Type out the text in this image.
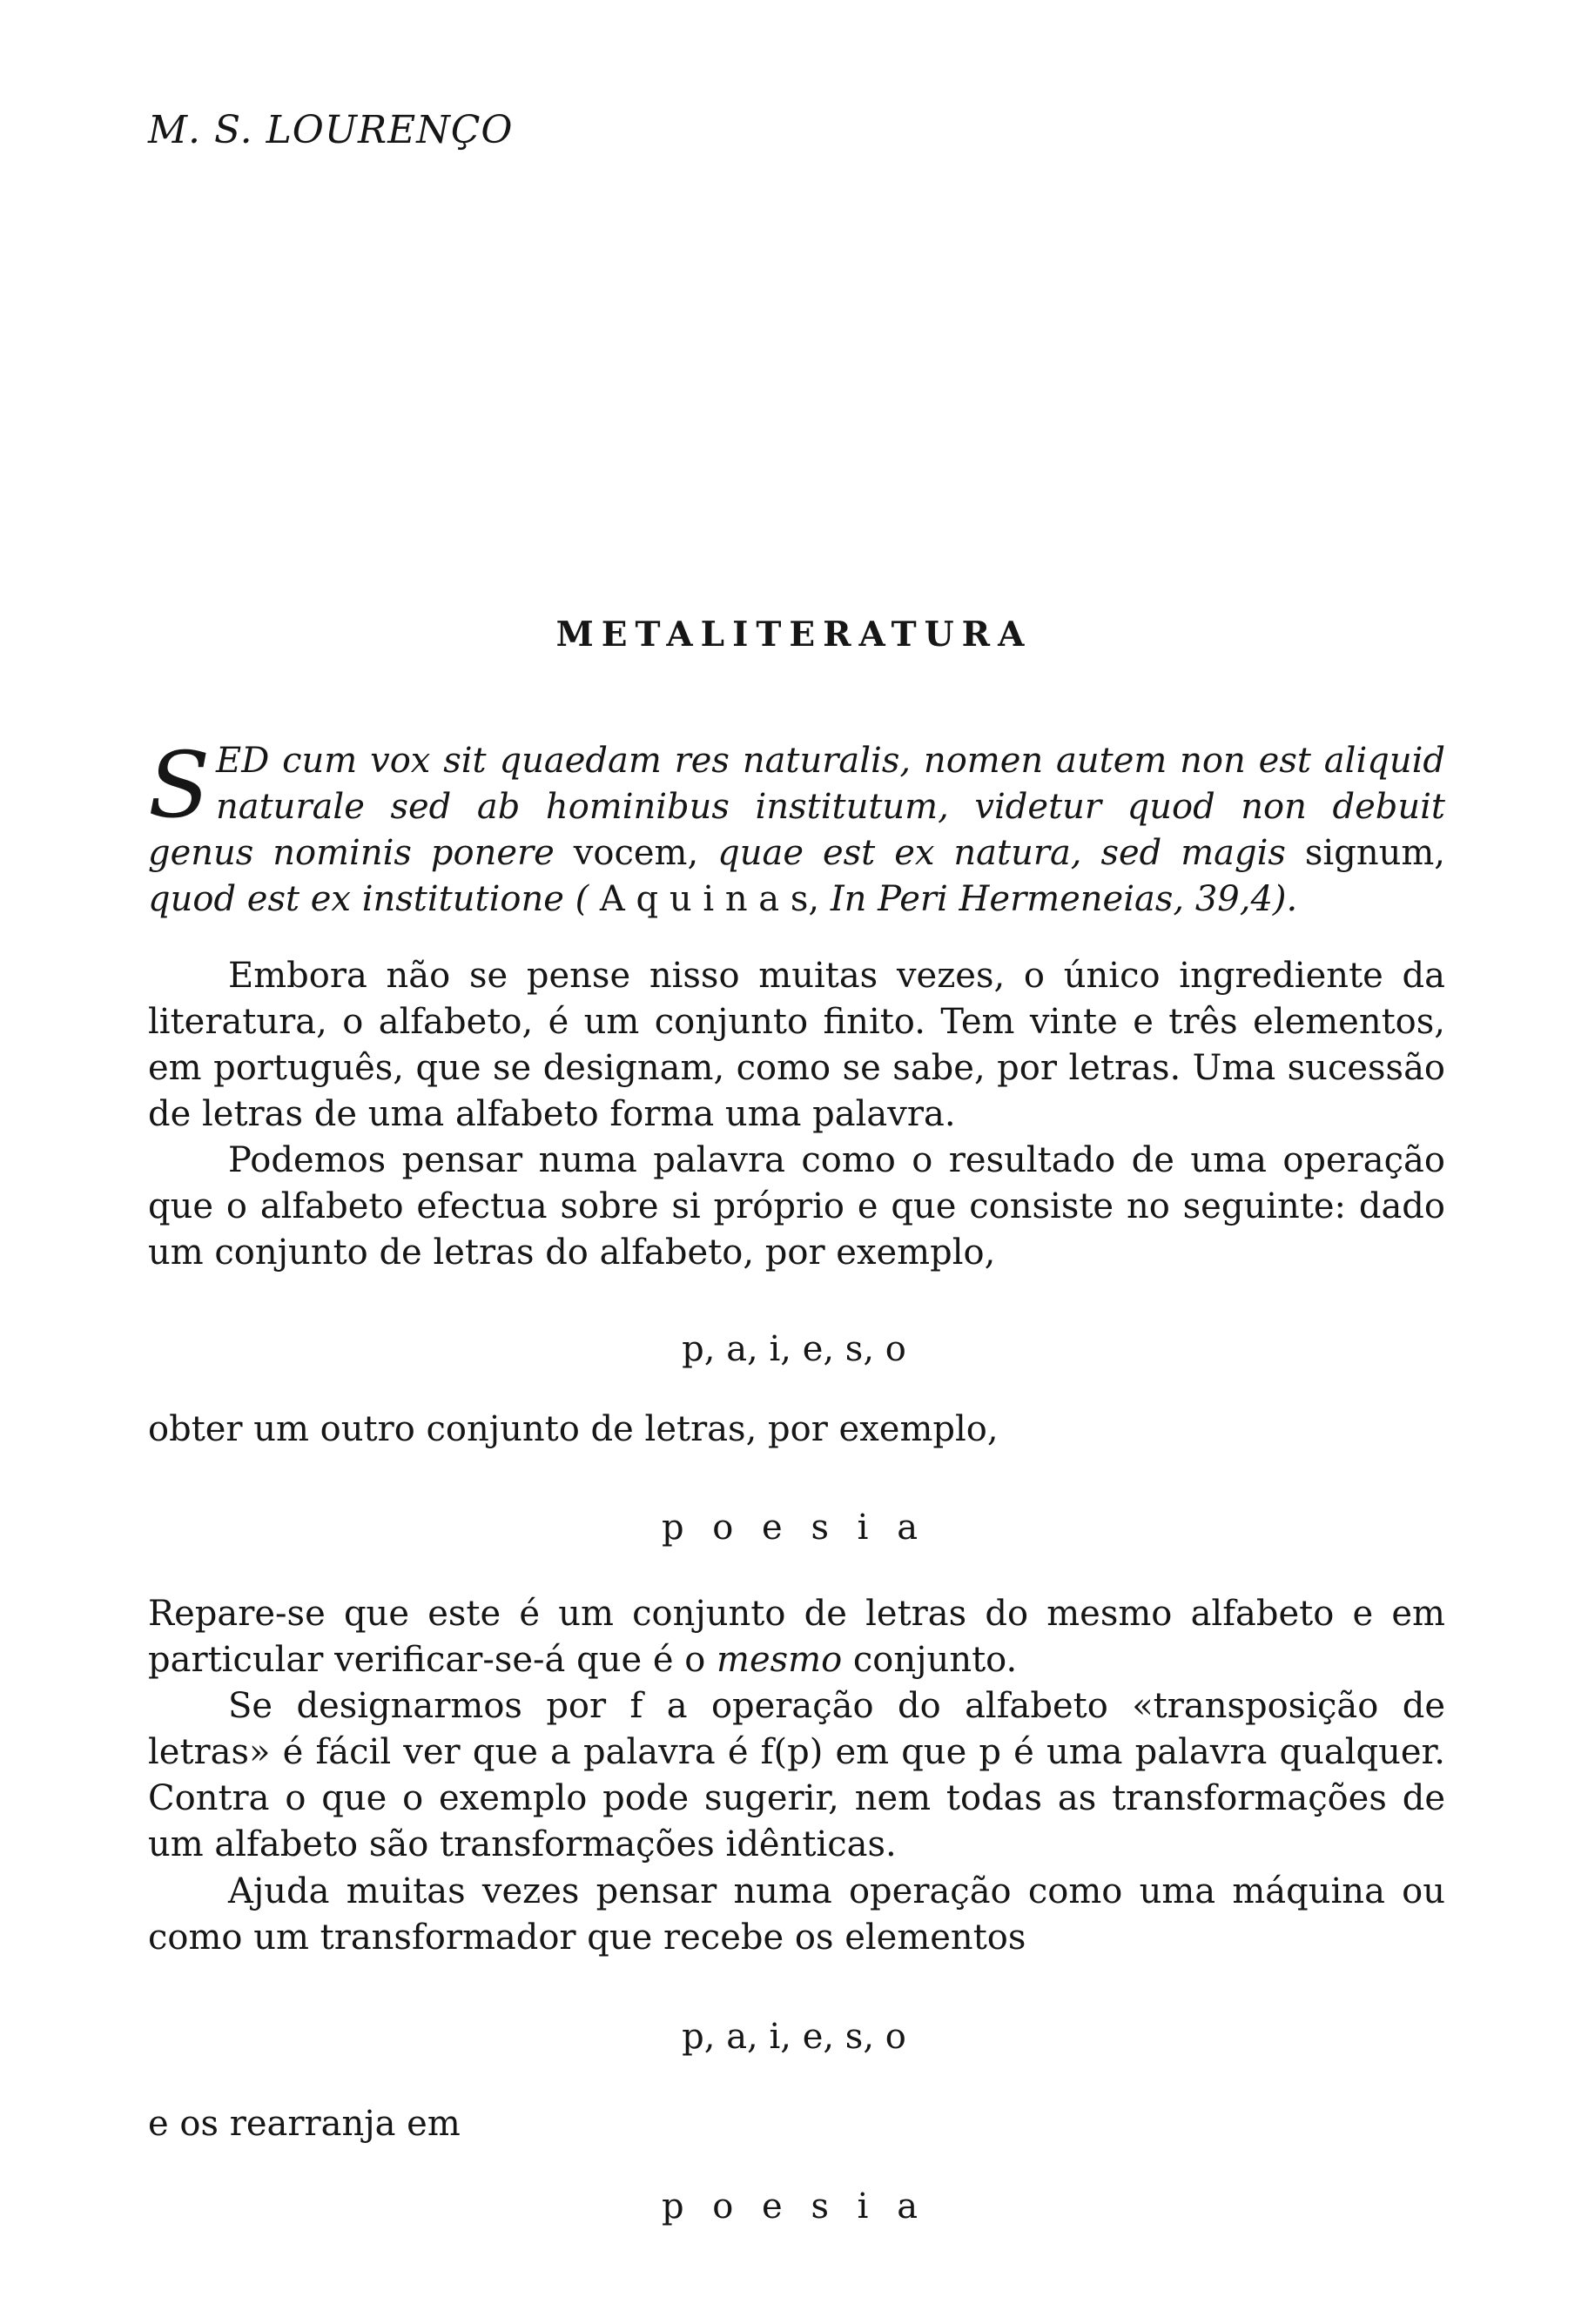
M. S. LOURENÇO
METALITERATURA
S ED cum vox sit quaedam res naturalis, nomen autem non est aliquid
naturale sed ab hominibus institutum, videtur quod non debuit
genus nominis ponere vocem, quae est ex natura, sed magis signum,
quod est ex institutione ( A q u i n a s, In Peri Hermeneias, 39,4).
Embora não se pense nisso muitas vezes, o único ingrediente da
literatura, o alfabeto, é um conjunto finito. Tem vinte e três elementos,
em português, que se designam, como se sabe, por letras. Uma sucessão
de letras de uma alfabeto forma uma palavra.
Podemos pensar numa palavra como o resultado de uma operação
que o alfabeto efectua sobre si próprio e que consiste no seguinte: dado
um conjunto de letras do alfabeto, por exemplo,
p, a, i, e, s, o
obter um outro conjunto de letras, por exemplo,
p o e s i a
Repare-se que este é um conjunto de letras do mesmo alfabeto e em
particular verificar-se-á que é o mesmo conjunto.
Se designarmos por f a operação do alfabeto «transposição de
letras» é fácil ver que a palavra é f(p) em que p é uma palavra qualquer.
Contra o que o exemplo pode sugerir, nem todas as transformações de
um alfabeto são transformações idênticas.
Ajuda muitas vezes pensar numa operação como uma máquina ou
como um transformador que recebe os elementos
p, a, i, e, s, o
e os rearranja em
p o e s i a
